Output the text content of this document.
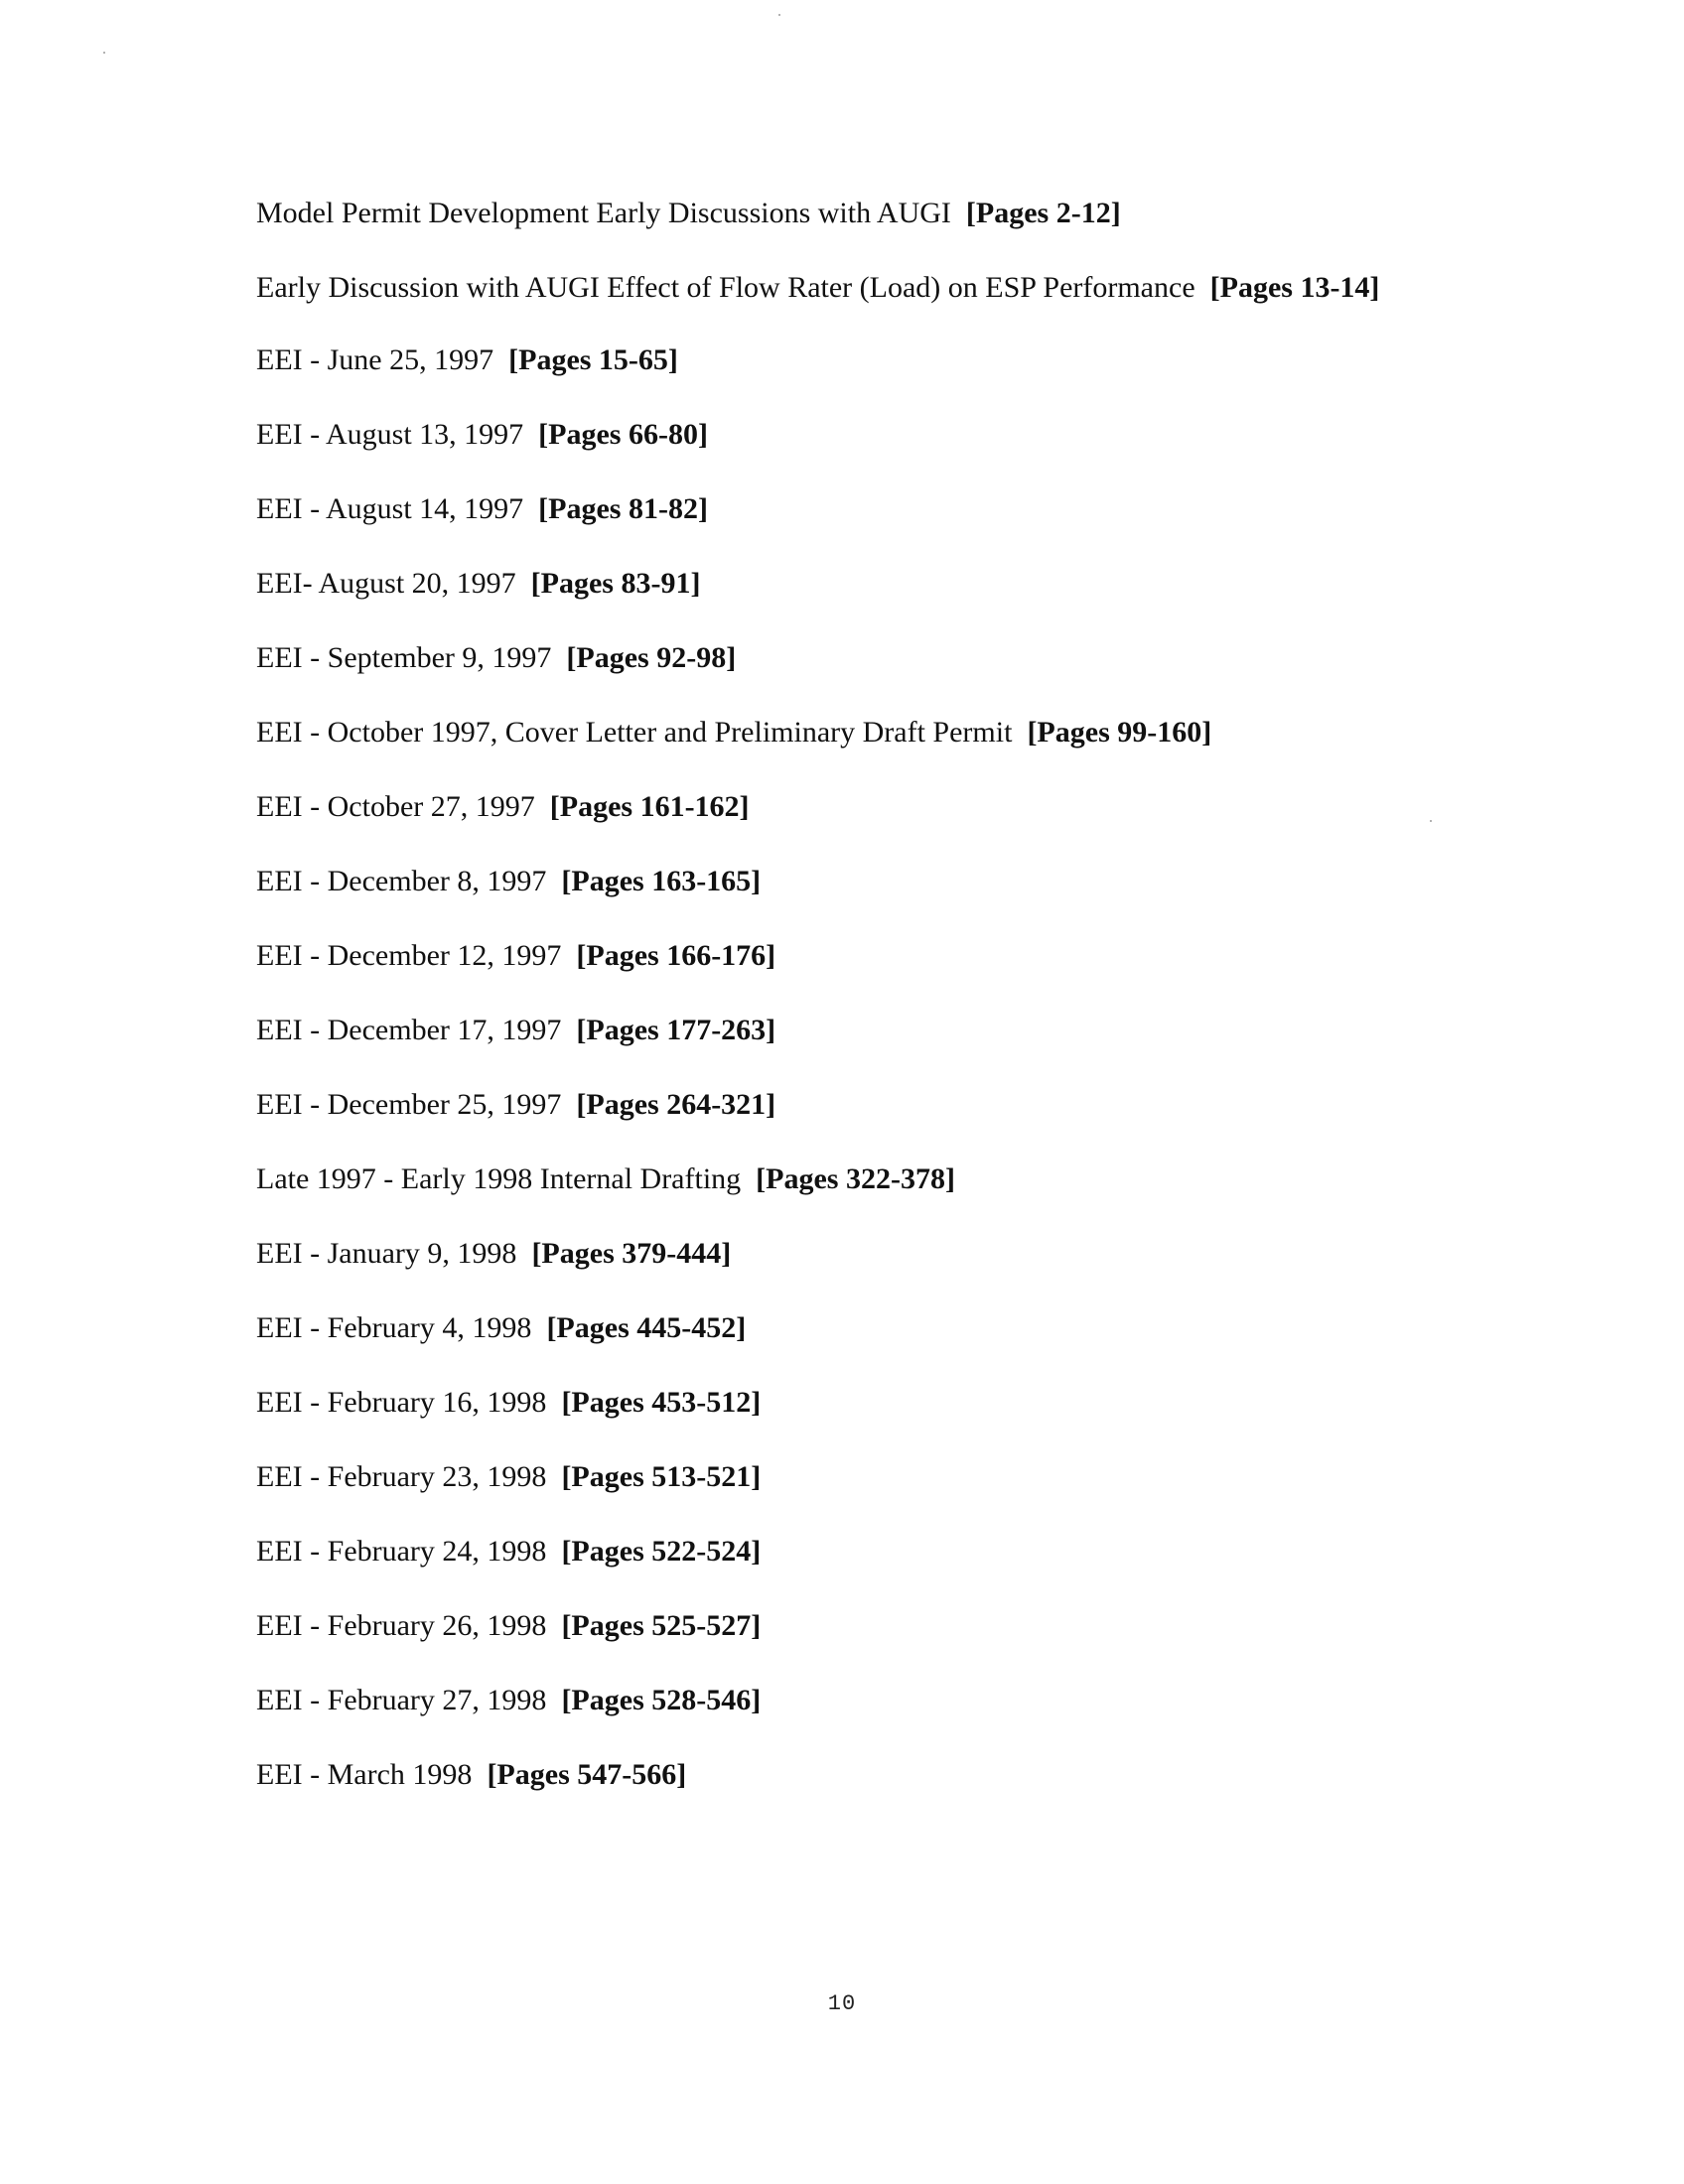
Model Permit Development Early Discussions with AUGI [Pages 2-12]
Early Discussion with AUGI Effect of Flow Rater (Load) on ESP Performance [Pages 13-14]
EEI - June 25, 1997 [Pages 15-65]
EEI - August 13, 1997 [Pages 66-80]
EEI - August 14, 1997 [Pages 81-82]
EEI- August 20, 1997 [Pages 83-91]
EEI - September 9, 1997 [Pages 92-98]
EEI - October 1997, Cover Letter and Preliminary Draft Permit [Pages 99-160]
EEI - October 27, 1997 [Pages 161-162]
EEI - December 8, 1997 [Pages 163-165]
EEI - December 12, 1997 [Pages 166-176]
EEI - December 17, 1997 [Pages 177-263]
EEI - December 25, 1997 [Pages 264-321]
Late 1997 - Early 1998 Internal Drafting [Pages 322-378]
EEI - January 9, 1998 [Pages 379-444]
EEI - February 4, 1998 [Pages 445-452]
EEI - February 16, 1998 [Pages 453-512]
EEI - February 23, 1998 [Pages 513-521]
EEI - February 24, 1998 [Pages 522-524]
EEI - February 26, 1998 [Pages 525-527]
EEI - February 27, 1998 [Pages 528-546]
EEI - March 1998 [Pages 547-566]
10
